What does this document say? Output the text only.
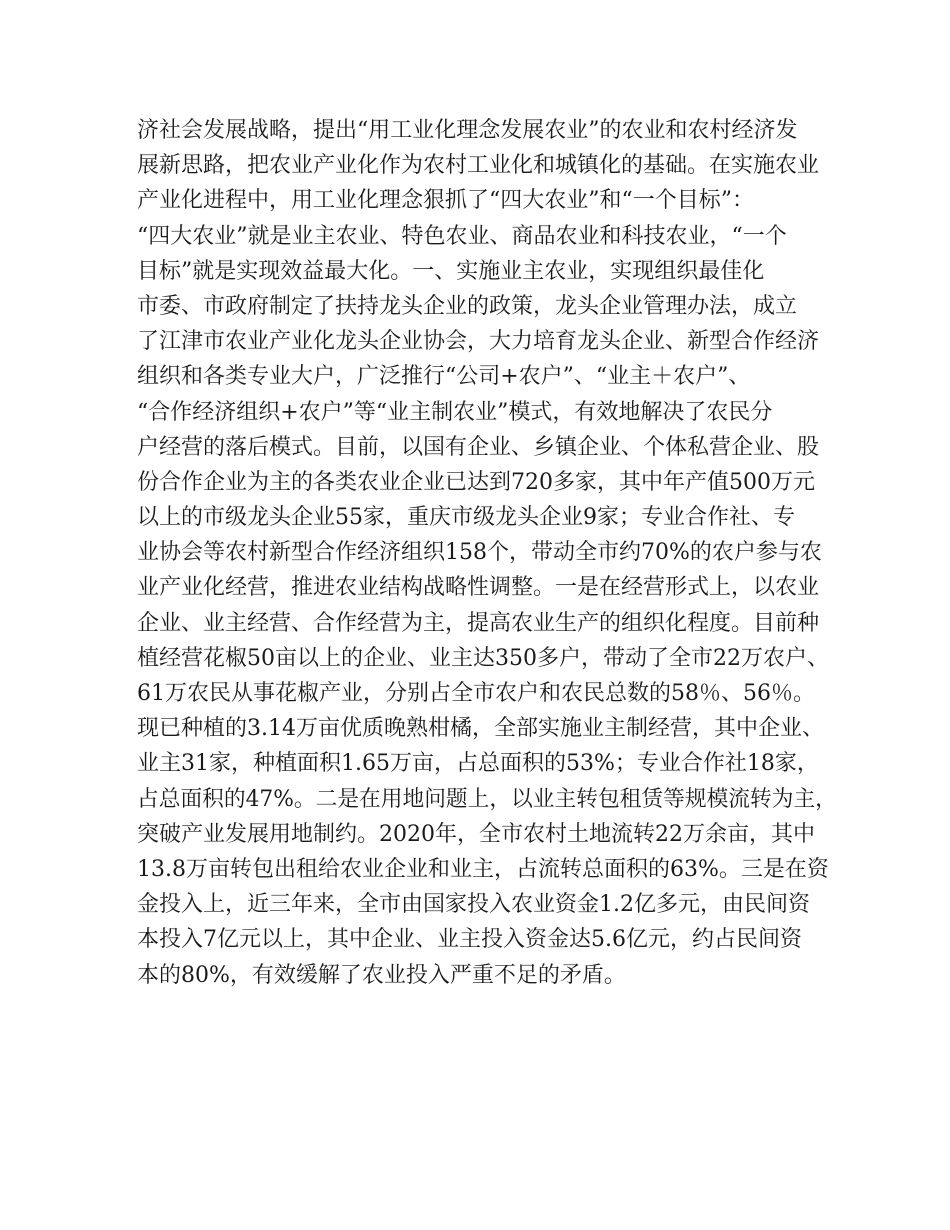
济社会发展战略，提出“用工业化理念发展农业”的农业和农村经济发
展新思路，把农业产业化作为农村工业化和城镇化的基础。在实施农业
产业化进程中，用工业化理念狠抓了“四大农业”和“一个目标”：
“四大农业”就是业主农业、特色农业、商品农业和科技农业，“一个
目标”就是实现效益最大化。一、实施业主农业，实现组织最佳化
市委、市政府制定了扶持龙头企业的政策，龙头企业管理办法，成立
了江津市农业产业化龙头企业协会，大力培育龙头企业、新型合作经济
组织和各类专业大户，广泛推行“公司+农户”、“业主＋农户”、
“合作经济组织+农户”等“业主制农业”模式，有效地解决了农民分
户经营的落后模式。目前，以国有企业、乡镇企业、个体私营企业、股
份合作企业为主的各类农业企业已达到720多家，其中年产值500万元
以上的市级龙头企业55家，重庆市级龙头企业9家；专业合作社、专
业协会等农村新型合作经济组织158个，带动全市约70%的农户参与农
业产业化经营，推进农业结构战略性调整。一是在经营形式上，以农业
企业、业主经营、合作经营为主，提高农业生产的组织化程度。目前种
植经营花椒50亩以上的企业、业主达350多户，带动了全市22万农户、
61万农民从事花椒产业，分别占全市农户和农民总数的58％、56％。
现已种植的3.14万亩优质晚熟柑橘，全部实施业主制经营，其中企业、
业主31家，种植面积1.65万亩，占总面积的53%；专业合作社18家，
占总面积的47%。二是在用地问题上，以业主转包租赁等规模流转为主，
突破产业发展用地制约。2020年，全市农村土地流转22万余亩，其中
13.8万亩转包出租给农业企业和业主，占流转总面积的63%。三是在资
金投入上，近三年来，全市由国家投入农业资金1.2亿多元，由民间资
本投入7亿元以上，其中企业、业主投入资金达5.6亿元，约占民间资
本的80%，有效缓解了农业投入严重不足的矛盾。
